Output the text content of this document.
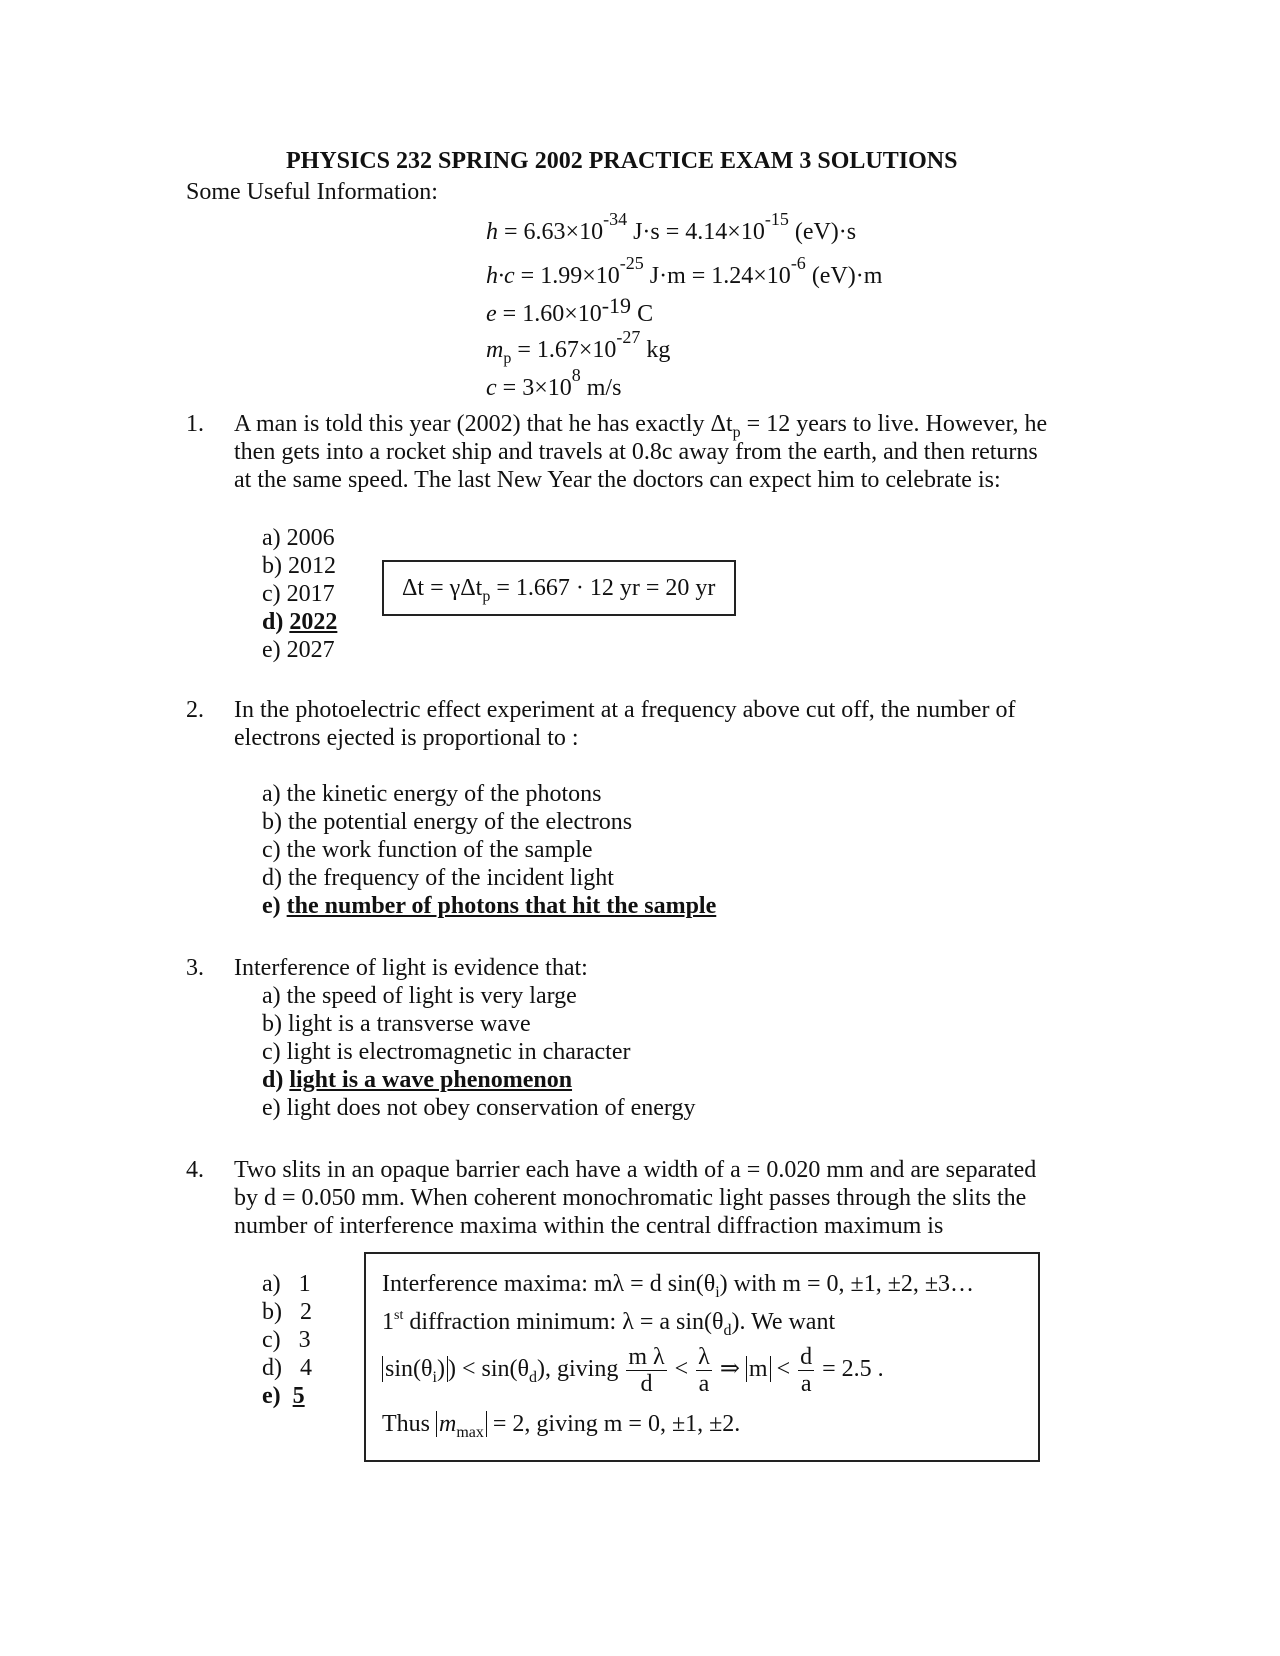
PHYSICS 232 SPRING 2002 PRACTICE EXAM 3 SOLUTIONS
Some Useful Information:
$h = 6.63\times 10^{-34}$ $J\cdot s = 4.14\times 10^{-15}$ (eV)·s
$h\cdot c = 1.99\times 10^{-25}$ $J\cdot m = 1.24\times 10^{-6}$ (eV)·m
$e = 1.60\times 10^{-19}$ C
$m_p = 1.67\times 10^{-27}$ kg
$c = 3\times 10^8$ m/s
1. A man is told this year (2002) that he has exactly $\Delta t_p = 12$ years to live. However, he
then gets into a rocket ship and travels at 0.8c away from the earth, and then returns
at the same speed. The last New Year the doctors can expect him to celebrate is:
a) 2006
b) 2012
c) 2017
d) 2022
e) 2027
Δt = γΔt$_p$ = 1.667 · 12 yr = 20 yr
2. In the photoelectric effect experiment at a frequency above cut off, the number of
electrons ejected is proportional to :
a) the kinetic energy of the photons
b) the potential energy of the electrons
c) the work function of the sample
d) the frequency of the incident light
e) the number of photons that hit the sample
3. Interference of light is evidence that:
a) the speed of light is very large
b) light is a transverse wave
c) light is electromagnetic in character
d) light is a wave phenomenon
e) light does not obey conservation of energy
4. Two slits in an opaque barrier each have a width of a = 0.020 mm and are separated
by d = 0.050 mm. When coherent monochromatic light passes through the slits the
number of interference maxima within the central diffraction maximum is
a) 1
b) 2
c) 3
d) 4
e) 5
Interference maxima: mλ = d $\sin(\theta_i)$ with m = 0, ±1, ±2, ±3…
1st diffraction minimum: λ = a $\sin(\theta_d)$. We want
$\sin(\theta_i)$ ) < $\sin(\theta_d)$, giving $\frac{\text{m λ}}{d} < \frac{\lambda}{a}$ ⇒ $m < \frac{d}{a} = 2.5$ .
Thus $m_{max} = 2$, giving m = 0, ±1, ±2.
